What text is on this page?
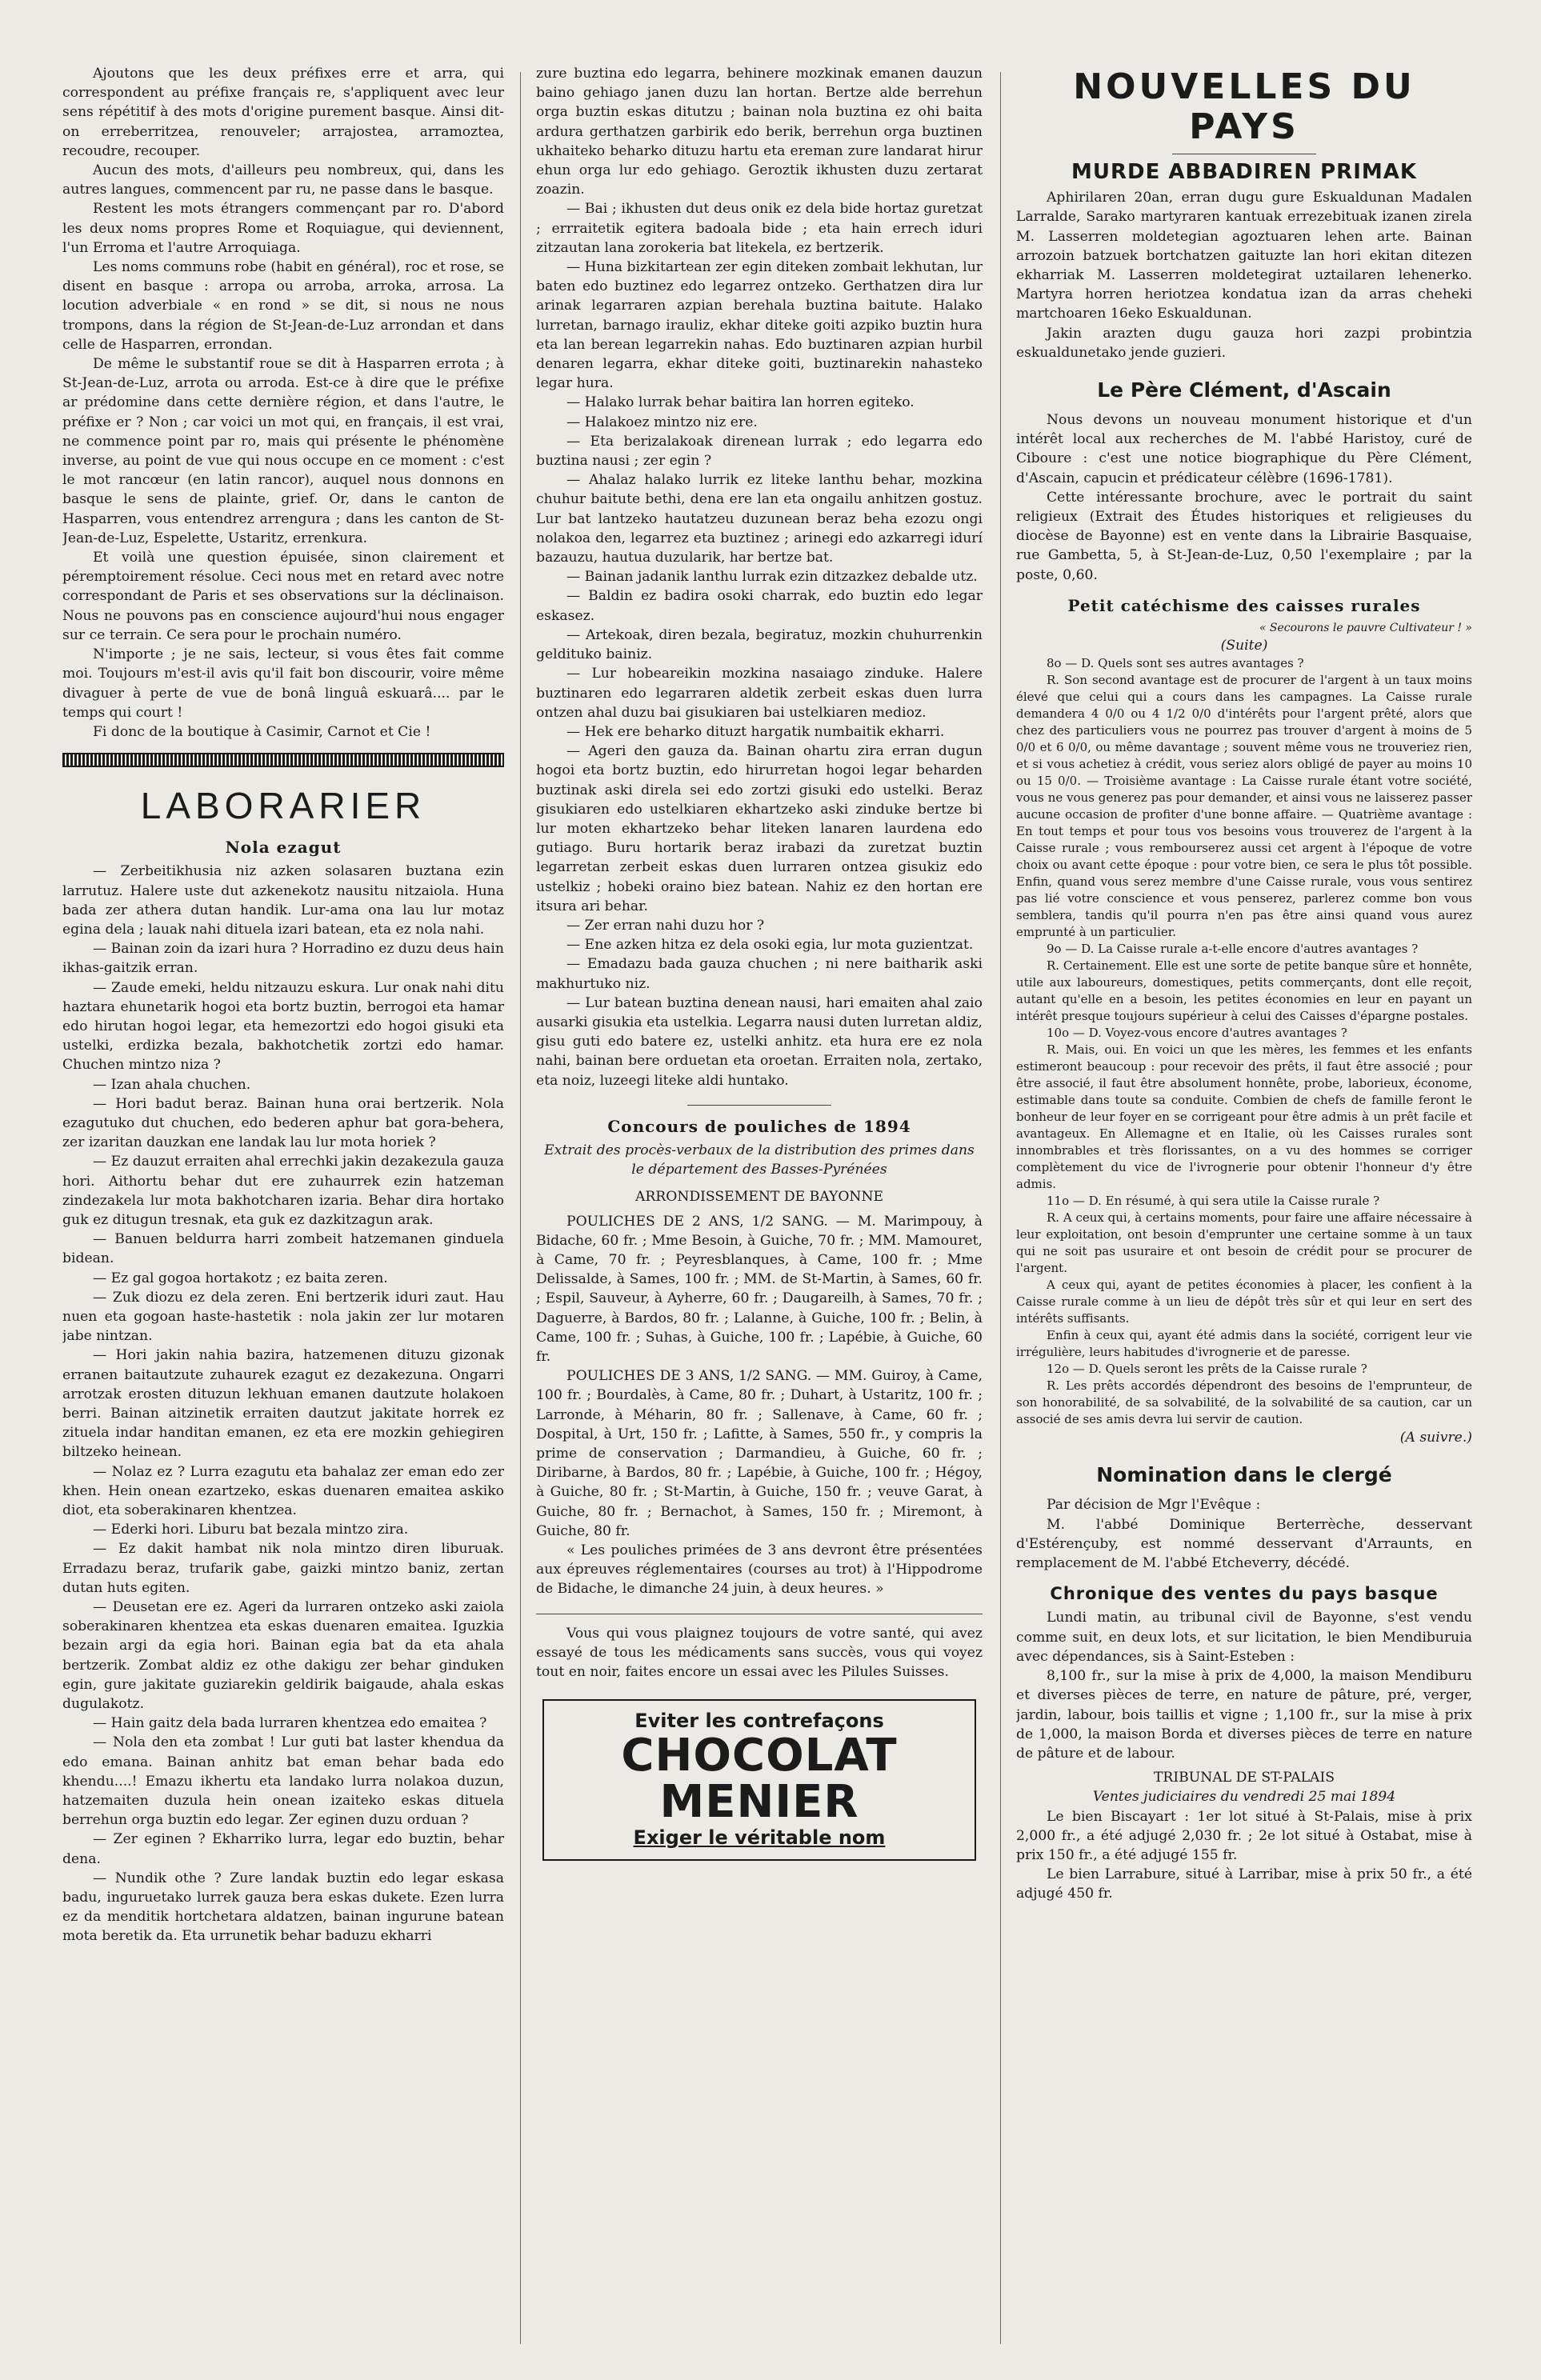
Ajoutons que les deux préfixes erre et arra, qui correspondent au préfixe français re, s'appliquent avec leur sens répétitif à des mots d'origine purement basque. Ainsi dit-on erreberritzea, renouveler; arrajostea, arramoztea, recoudre, recouper.

Aucun des mots, d'ailleurs peu nombreux, qui, dans les autres langues, commencent par ru, ne passe dans le basque.

Restent les mots étrangers commençant par ro. D'abord les deux noms propres Rome et Roquiague, qui deviennent, l'un Erroma et l'autre Arroquiaga.

Les noms communs robe (habit en général), roc et rose, se disent en basque : arropa ou arroba, arroka, arrosa. La locution adverbiale « en rond » se dit, si nous ne nous trompons, dans la région de St-Jean-de-Luz arrondan et dans celle de Hasparren, errondan.

De même le substantif roue se dit à Hasparren errota ; à St-Jean-de-Luz, arrota ou arroda. Est-ce à dire que le préfixe ar prédomine dans cette dernière région, et dans l'autre, le préfixe er ? Non ; car voici un mot qui, en français, il est vrai, ne commence point par ro, mais qui présente le phénomène inverse, au point de vue qui nous occupe en ce moment : c'est le mot rancœur (en latin rancor), auquel nous donnons en basque le sens de plainte, grief. Or, dans le canton de Hasparren, vous entendrez arrengura ; dans les canton de St-Jean-de-Luz, Espelette, Ustaritz, errenkura.

Et voilà une question épuisée, sinon clairement et péremptoirement résolue. Ceci nous met en retard avec notre correspondant de Paris et ses observations sur la déclinaison. Nous ne pouvons pas en conscience aujourd'hui nous engager sur ce terrain. Ce sera pour le prochain numéro.

N'importe ; je ne sais, lecteur, si vous êtes fait comme moi. Toujours m'est-il avis qu'il fait bon discourir, voire même divaguer à perte de vue de bonâ linguâ eskuarâ.... par le temps qui court !

Fi donc de la boutique à Casimir, Carnot et Cie !

LABORARIER
Nola ezagut

— Zerbeitikhusia niz azken solasaren buztana ezin larrutuz. Halere uste dut azkenekotz nausitu nitzaiola. Huna bada zer athera dutan handik. Lur-ama ona lau lur motaz egina dela ; lauak nahi dituela izari batean, eta ez nola nahi.

— Bainan zoin da izari hura ? Horradino ez duzu deus hain ikhas-gaitzik erran.

— Zaude emeki, heldu nitzauzu eskura. Lur onak nahi ditu haztara ehunetarik hogoi eta bortz buztin, berrogoi eta hamar edo hirutan hogoi legar, eta hemezortzi edo hogoi gisuki eta ustelki, erdizka bezala, bakhotchetik zortzi edo hamar. Chuchen mintzo niza ?

— Izan ahala chuchen.

— Hori badut beraz. Bainan huna orai bertzerik. Nola ezagutuko dut chuchen, edo bederen aphur bat gora-behera, zer izaritan dauzkan ene landak lau lur mota horiek ?

— Ez dauzut erraiten ahal errechki jakin dezakezula gauza hori. Aithortu behar dut ere zuhaurrek ezin hatzeman zindezakela lur mota bakhotcharen izaria. Behar dira hortako guk ez ditugun tresnak, eta guk ez dazkitzagun arak.

— Banuen beldurra harri zombeit hatzemanen ginduela bidean.

— Ez gal gogoa hortakotz ; ez baita zeren.

— Zuk diozu ez dela zeren. Eni bertzerik iduri zaut. Hau nuen eta gogoan haste-hastetik : nola jakin zer lur motaren jabe nintzan.

— Hori jakin nahia bazira, hatzemenen dituzu gizonak erranen baitautzute zuhaurek ezagut ez dezakezuna. Ongarri arrotzak erosten dituzun lekhuan emanen dautzute holakoen berri. Bainan aitzinetik erraiten dautzut jakitate horrek ez zituela indar handitan emanen, ez eta ere mozkin gehiegiren biltzeko heinean.

— Nolaz ez ? Lurra ezagutu eta bahalaz zer eman edo zer khen. Hein onean ezartzeko, eskas duenaren emaitea askiko diot, eta soberakinaren khentzea.

— Ederki hori. Liburu bat bezala mintzo zira.

— Ez dakit hambat nik nola mintzo diren liburuak. Erradazu beraz, trufarik gabe, gaizki mintzo baniz, zertan dutan huts egiten.

— Deusetan ere ez. Ageri da lurraren ontzeko aski zaiola soberakinaren khentzea eta eskas duenaren emaitea. Iguzkia bezain argi da egia hori. Bainan egia bat da eta ahala bertzerik. Zombat aldiz ez othe dakigu zer behar ginduken egin, gure jakitate guziarekin geldirik baigaude, ahala eskas dugulakotz.

— Hain gaitz dela bada lurraren khentzea edo emaitea ?

— Nola den eta zombat ! Lur guti bat laster khendua da edo emana. Bainan anhitz bat eman behar bada edo khendu....! Emazu ikhertu eta landako lurra nolakoa duzun, hatzemaiten duzula hein onean izaiteko eskas dituela berrehun orga buztin edo legar. Zer eginen duzu orduan ?

— Zer eginen ? Ekharriko lurra, legar edo buztin, behar dena.

— Nundik othe ? Zure landak buztin edo legar eskasa badu, inguruetako lurrek gauza bera eskas dukete. Ezen lurra ez da menditik hortchetara aldatzen, bainan ingurune batean mota beretik da. Eta urrunetik behar baduzu ekharri

zure buztina edo legarra, behinere mozkinak emanen dauzun baino gehiago janen duzu lan hortan. Bertze alde berrehun orga buztin eskas ditutzu ; bainan nola buztina ez ohi baita ardura gerthatzen garbirik edo berik, berrehun orga buztinen ukhaiteko beharko dituzu hartu eta ereman zure landarat hirur ehun orga lur edo gehiago. Geroztik ikhusten duzu zertarat zoazin.

— Bai ; ikhusten dut deus onik ez dela bide hortaz guretzat ; errraitetik egitera badoala bide ; eta hain errech iduri zitzautan lana zorokeria bat litekela, ez bertzerik.

— Huna bizkitartean zer egin diteken zombait lekhutan, lur baten edo buztinez edo legarrez ontzeko. Gerthatzen dira lur arinak legarraren azpian berehala buztina baitute. Halako lurretan, barnago irauliz, ekhar diteke goiti azpiko buztin hura eta lan berean legarrekin nahas. Edo buztinaren azpian hurbil denaren legarra, ekhar diteke goiti, buztinarekin nahasteko legar hura.

— Halako lurrak behar baitira lan horren egiteko.

— Halakoez mintzo niz ere.

— Eta berizalakoak direnean lurrak ; edo legarra edo buztina nausi ; zer egin ?

— Ahalaz halako lurrik ez liteke lanthu behar, mozkina chuhur baitute bethi, dena ere lan eta ongailu anhitzen gostuz. Lur bat lantzeko hautatzeu duzunean beraz beha ezozu ongi nolakoa den, legarrez eta buztinez ; arinegi edo azkarregi idurí bazauzu, hautua duzularik, har bertze bat.

— Bainan jadanik lanthu lurrak ezin ditzazkez debalde utz.

— Baldin ez badira osoki charrak, edo buztin edo legar eskasez.

— Artekoak, diren bezala, begiratuz, mozkin chuhurrenkin geldituko bainiz.

— Lur hobeareikin mozkina nasaiago zinduke. Halere buztinaren edo legarraren aldetik zerbeit eskas duen lurra ontzen ahal duzu bai gisukiaren bai ustelkiaren medioz.

— Hek ere beharko dituzt hargatik numbaitik ekharri.

— Ageri den gauza da. Bainan ohartu zira erran dugun hogoi eta bortz buztin, edo hirurretan hogoi legar beharden buztinak aski direla sei edo zortzi gisuki edo ustelki. Beraz gisukiaren edo ustelkiaren ekhartzeko aski zinduke bertze bi lur moten ekhartzeko behar liteken lanaren laurdena edo gutiago. Buru hortarik beraz irabazi da zuretzat buztin legarretan zerbeit eskas duen lurraren ontzea gisukiz edo ustelkiz ; hobeki oraino biez batean. Nahiz ez den hortan ere itsura ari behar.

— Zer erran nahi duzu hor ?

— Ene azken hitza ez dela osoki egia, lur mota guzientzat.

— Emadazu bada gauza chuchen ; ni nere baitharik aski makhurtuko niz.

— Lur batean buztina denean nausi, hari emaiten ahal zaio ausarki gisukia eta ustelkia. Legarra nausi duten lurretan aldiz, gisu guti edo batere ez, ustelki anhitz. eta hura ere ez nola nahi, bainan bere orduetan eta oroetan. Erraiten nola, zertako, eta noiz, luzeegi liteke aldi huntako.

Concours de pouliches de 1894
Extrait des procès-verbaux de la distribution des primes dans le département des Basses-Pyrénées
ARRONDISSEMENT DE BAYONNE

POULICHES DE 2 ANS, 1/2 SANG. — M. Marimpouy, à Bidache, 60 fr. ; Mme Besoin, à Guiche, 70 fr. ; MM. Mamouret, à Came, 70 fr. ; Peyresblanques, à Came, 100 fr. ; Mme Delissalde, à Sames, 100 fr. ; MM. de St-Martin, à Sames, 60 fr. ; Espil, Sauveur, à Ayherre, 60 fr. ; Daugareilh, à Sames, 70 fr. ; Daguerre, à Bardos, 80 fr. ; Lalanne, à Guiche, 100 fr. ; Belin, à Came, 100 fr. ; Suhas, à Guiche, 100 fr. ; Lapébie, à Guiche, 60 fr.

POULICHES DE 3 ANS, 1/2 SANG. — MM. Guiroy, à Came, 100 fr. ; Bourdalès, à Came, 80 fr. ; Duhart, à Ustaritz, 100 fr. ; Larronde, à Méharin, 80 fr. ; Sallenave, à Came, 60 fr. ; Dospital, à Urt, 150 fr. ; Lafitte, à Sames, 550 fr., y compris la prime de conservation ; Darmandieu, à Guiche, 60 fr. ; Diribarne, à Bardos, 80 fr. ; Lapébie, à Guiche, 100 fr. ; Hégoy, à Guiche, 80 fr. ; St-Martin, à Guiche, 150 fr. ; veuve Garat, à Guiche, 80 fr. ; Bernachot, à Sames, 150 fr. ; Miremont, à Guiche, 80 fr.

« Les pouliches primées de 3 ans devront être présentées aux épreuves réglementaires (courses au trot) à l'Hippodrome de Bidache, le dimanche 24 juin, à deux heures. »

Vous qui vous plaignez toujours de votre santé, qui avez essayé de tous les médicaments sans succès, vous qui voyez tout en noir, faites encore un essai avec les Pilules Suisses.

Eviter les contrefaçons
CHOCOLAT
MENIER
Exiger le véritable nom
NOUVELLES DU PAYS
MURDE ABBADIREN PRIMAK

Aphirilaren 20an, erran dugu gure Eskualdunan Madalen Larralde, Sarako martyraren kantuak errezebituak izanen zirela M. Lasserren moldetegian agoztuaren lehen arte. Bainan arrozoin batzuek bortchatzen gaituzte lan hori ekitan ditezen ekharriak M. Lasserren moldetegirat uztailaren lehenerko. Martyra horren heriotzea kondatua izan da arras cheheki martchoaren 16eko Eskualdunan.

Jakin arazten dugu gauza hori zazpi probintzia eskualdunetako jende guzieri.

Le Père Clément, d'Ascain

Nous devons un nouveau monument historique et d'un intérêt local aux recherches de M. l'abbé Haristoy, curé de Ciboure : c'est une notice biographique du Père Clément, d'Ascain, capucin et prédicateur célèbre (1696-1781).

Cette intéressante brochure, avec le portrait du saint religieux (Extrait des Études historiques et religieuses du diocèse de Bayonne) est en vente dans la Librairie Basquaise, rue Gambetta, 5, à St-Jean-de-Luz, 0,50 l'exemplaire ; par la poste, 0,60.

Petit catéchisme des caisses rurales
« Secourons le pauvre Cultivateur ! »
(Suite)

8o — D. Quels sont ses autres avantages ?

R. Son second avantage est de procurer de l'argent à un taux moins élevé que celui qui a cours dans les campagnes. La Caisse rurale demandera 4 0/0 ou 4 1/2 0/0 d'intérêts pour l'argent prêté, alors que chez des particuliers vous ne pourrez pas trouver d'argent à moins de 5 0/0 et 6 0/0, ou même davantage ; souvent même vous ne trouveriez rien, et si vous achetiez à crédit, vous seriez alors obligé de payer au moins 10 ou 15 0/0. — Troisième avantage : La Caisse rurale étant votre société, vous ne vous generez pas pour demander, et ainsi vous ne laisserez passer aucune occasion de profiter d'une bonne affaire. — Quatrième avantage : En tout temps et pour tous vos besoins vous trouverez de l'argent à la Caisse rurale ; vous rembourserez aussi cet argent à l'époque de votre choix ou avant cette époque : pour votre bien, ce sera le plus tôt possible. Enfin, quand vous serez membre d'une Caisse rurale, vous vous sentirez pas lié votre conscience et vous penserez, parlerez comme bon vous semblera, tandis qu'il pourra n'en pas être ainsi quand vous aurez emprunté à un particulier.

9o — D. La Caisse rurale a-t-elle encore d'autres avantages ?

R. Certainement. Elle est une sorte de petite banque sûre et honnête, utile aux laboureurs, domestiques, petits commerçants, dont elle reçoit, autant qu'elle en a besoin, les petites économies en leur en payant un intérêt presque toujours supérieur à celui des Caisses d'épargne postales.

10o — D. Voyez-vous encore d'autres avantages ?

R. Mais, oui. En voici un que les mères, les femmes et les enfants estimeront beaucoup : pour recevoir des prêts, il faut être associé ; pour être associé, il faut être absolument honnête, probe, laborieux, économe, estimable dans toute sa conduite. Combien de chefs de famille feront le bonheur de leur foyer en se corrigeant pour être admis à un prêt facile et avantageux. En Allemagne et en Italie, où les Caisses rurales sont innombrables et très florissantes, on a vu des hommes se corriger complètement du vice de l'ivrognerie pour obtenir l'honneur d'y être admis.

11o — D. En résumé, à qui sera utile la Caisse rurale ?

R. A ceux qui, à certains moments, pour faire une affaire nécessaire à leur exploitation, ont besoin d'emprunter une certaine somme à un taux qui ne soit pas usuraire et ont besoin de crédit pour se procurer de l'argent.

A ceux qui, ayant de petites économies à placer, les confient à la Caisse rurale comme à un lieu de dépôt très sûr et qui leur en sert des intérêts suffisants.

Enfin à ceux qui, ayant été admis dans la société, corrigent leur vie irrégulière, leurs habitudes d'ivrognerie et de paresse.

12o — D. Quels seront les prêts de la Caisse rurale ?

R. Les prêts accordés dépendront des besoins de l'emprunteur, de son honorabilité, de sa solvabilité, de la solvabilité de sa caution, car un associé de ses amis devra lui servir de caution.

(A suivre.)
Nomination dans le clergé

Par décision de Mgr l'Evêque :

M. l'abbé Dominique Berterrèche, desservant d'Estérençuby, est nommé desservant d'Arraunts, en remplacement de M. l'abbé Etcheverry, décédé.

Chronique des ventes du pays basque

Lundi matin, au tribunal civil de Bayonne, s'est vendu comme suit, en deux lots, et sur licitation, le bien Mendiburuia avec dépendances, sis à Saint-Esteben :

8,100 fr., sur la mise à prix de 4,000, la maison Mendiburu et diverses pièces de terre, en nature de pâture, pré, verger, jardin, labour, bois taillis et vigne ; 1,100 fr., sur la mise à prix de 1,000, la maison Borda et diverses pièces de terre en nature de pâture et de labour.

TRIBUNAL DE ST-PALAIS
Ventes judiciaires du vendredi 25 mai 1894

Le bien Biscayart : 1er lot situé à St-Palais, mise à prix 2,000 fr., a été adjugé 2,030 fr. ; 2e lot situé à Ostabat, mise à prix 150 fr., a été adjugé 155 fr.

Le bien Larrabure, situé à Larribar, mise à prix 50 fr., a été adjugé 450 fr.
